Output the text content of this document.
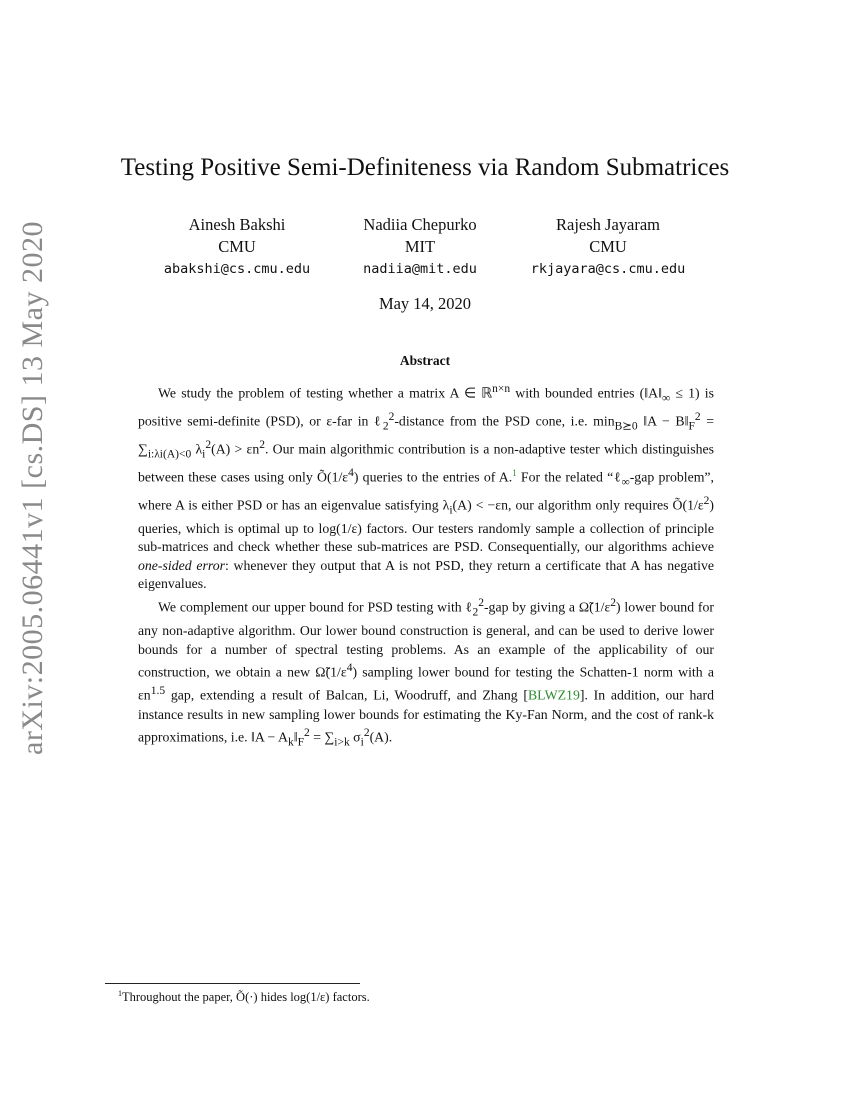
arXiv:2005.06441v1 [cs.DS] 13 May 2020
Testing Positive Semi-Definiteness via Random Submatrices
Ainesh Bakshi
CMU
abakshi@cs.cmu.edu
Nadiia Chepurko
MIT
nadiia@mit.edu
Rajesh Jayaram
CMU
rkjayara@cs.cmu.edu
May 14, 2020
Abstract

We study the problem of testing whether a matrix A ∈ ℝ$^{n\times n}$ with bounded entries $(‖A‖_\infty \le 1)$ is positive semi-definite (PSD), or ε-far in ℓ$_2^2$-distance from the PSD cone, i.e. $\min_{B⪰0}$ ‖A − $B‖_F^2 = \sum_{i:\lambda i(A)<0}$ $\lambda_i^2(A) > \varepsilon n^2$. Our main algorithmic contribution is a non-adaptive tester which distinguishes between these cases using only $Õ(1/\varepsilon^4)$ queries to the entries of A.$^1$ For the related “ℓ$_\infty$-gap problem”, where A is either PSD or has an eigenvalue satisfying $\lambda_i(A) < -\varepsilon n$, our algorithm only requires $Õ(1/\varepsilon^2)$ queries, which is optimal up to log(1/ε) factors. Our testers randomly sample a collection of principle sub-matrices and check whether these sub-matrices are PSD. Consequentially, our algorithms achieve one-sided error: whenever they output that A is not PSD, they return a certificate that A has negative eigenvalues.

We complement our upper bound for PSD testing with ℓ$_2^2$-gap by giving a $\Omegã(1/\varepsilon^2)$ lower bound for any non-adaptive algorithm. Our lower bound construction is general, and can be used to derive lower bounds for a number of spectral testing problems. As an example of the applicability of our construction, we obtain a new $\Omegã(1/\varepsilon^4)$ sampling lower bound for testing the Schatten-1 norm with a $\varepsilon n^{1.5}$ gap, extending a result of Balcan, Li, Woodruff, and Zhang [BLWZ19]. In addition, our hard instance results in new sampling lower bounds for estimating the Ky-Fan Norm, and the cost of rank-k approximations, i.e. ‖A − $A_k‖_F^2 = \sum_{i>k}$ $\sigma_i^2(A)$.

$^1$Throughout the paper, Õ(·) hides log(1/ε) factors.
